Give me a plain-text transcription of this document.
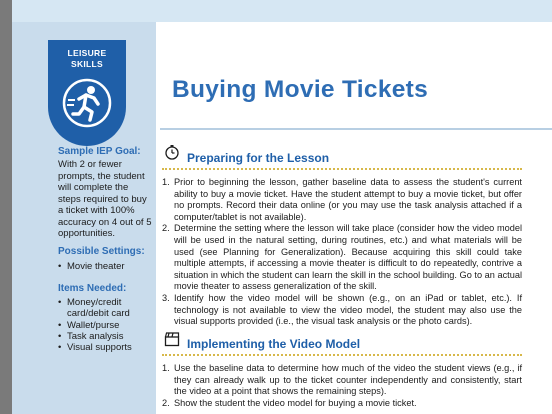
LEISURE
SKILLS
Sample IEP Goal:
With 2 or fewer prompts, the student will complete the steps required to buy a ticket with 100% accuracy on 4 out of 5 opportunities.
Possible Settings:
• Movie theater
Items Needed:
• Money/credit card/debit card
• Wallet/purse
• Task analysis
• Visual supports
Buying Movie Tickets
Preparing for the Lesson
1. Prior to beginning the lesson, gather baseline data to assess the student's current ability to buy a movie ticket. Have the student attempt to buy a movie ticket, but offer no prompts. Record their data online (or you may use the task analysis attached if a computer/tablet is not available).
2. Determine the setting where the lesson will take place (consider how the video model will be used in the natural setting, during routines, etc.) and what materials will be used (see Planning for Generalization). Because acquiring this skill could take multiple attempts, if accessing a movie theater is difficult to do repeatedly, contrive a situation in which the student can learn the skill in the school building. Go to an actual movie theater to assess generalization of the skill.
3. Identify how the video model will be shown (e.g., on an iPad or tablet, etc.). If technology is not available to view the video model, the student may also use the visual supports provided (i.e., the visual task analysis or the photo cards).
Implementing the Video Model
1. Use the baseline data to determine how much of the video the student views (e.g., if they can already walk up to the ticket counter independently and consistently, start the video at a point that shows the remaining steps).
2. Show the student the video model for buying a movie ticket.
